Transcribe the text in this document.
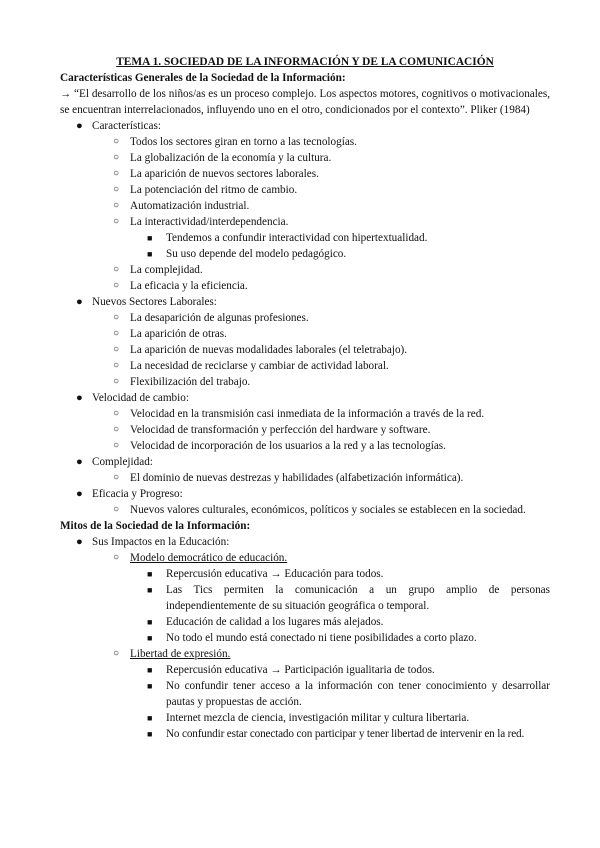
TEMA 1. SOCIEDAD DE LA INFORMACIÓN Y DE LA COMUNICACIÓN

Características Generales de la Sociedad de la Información:

→ “El desarrollo de los niños/as es un proceso complejo. Los aspectos motores, cognitivos o motivacionales, se encuentran interrelacionados, influyendo uno en el otro, condicionados por el contexto”. Pliker (1984)

● Características:
○ Todos los sectores giran en torno a las tecnologías.
○ La globalización de la economía y la cultura.
○ La aparición de nuevos sectores laborales.
○ La potenciación del ritmo de cambio.
○ Automatización industrial.
○ La interactividad/interdependencia.
■ Tendemos a confundir interactividad con hipertextualidad.
■ Su uso depende del modelo pedagógico.
○ La complejidad.
○ La eficacia y la eficiencia.
● Nuevos Sectores Laborales:
○ La desaparición de algunas profesiones.
○ La aparición de otras.
○ La aparición de nuevas modalidades laborales (el teletrabajo).
○ La necesidad de reciclarse y cambiar de actividad laboral.
○ Flexibilización del trabajo.
● Velocidad de cambio:
○ Velocidad en la transmisión casi inmediata de la información a través de la red.
○ Velocidad de transformación y perfección del hardware y software.
○ Velocidad de incorporación de los usuarios a la red y a las tecnologías.
● Complejidad:
○ El dominio de nuevas destrezas y habilidades (alfabetización informática).
● Eficacia y Progreso:
○ Nuevos valores culturales, económicos, políticos y sociales se establecen en la sociedad.

Mitos de la Sociedad de la Información:

● Sus Impactos en la Educación:
○ Modelo democrático de educación.
■ Repercusión educativa → Educación para todos.
■ Las Tics permiten la comunicación a un grupo amplio de personas independientemente de su situación geográfica o temporal.
■ Educación de calidad a los lugares más alejados.
■ No todo el mundo está conectado ni tiene posibilidades a corto plazo.
○ Libertad de expresión.
■ Repercusión educativa → Participación igualitaria de todos.
■ No confundir tener acceso a la información con tener conocimiento y desarrollar pautas y propuestas de acción.
■ Internet mezcla de ciencia, investigación militar y cultura libertaria.
■ No confundir estar conectado con participar y tener libertad de intervenir en la red.
